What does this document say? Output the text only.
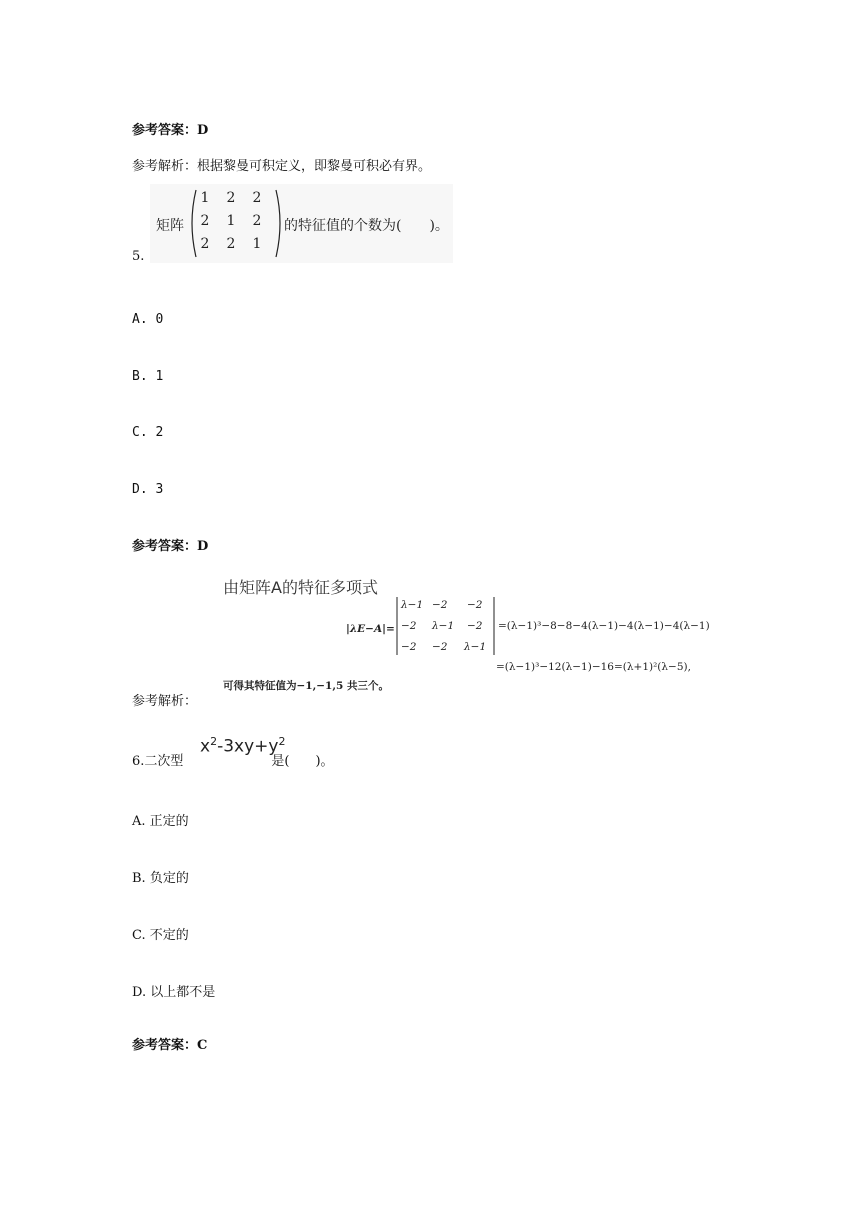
参考答案：D
参考解析：根据黎曼可积定义，即黎曼可积必有界。
5.
矩阵
1 2 2
2 1 2
2 2 1
的特征值的个数为(　　)。
A. 0
B. 1
C. 2
D. 3
参考答案：D
参考解析：
由矩阵A的特征多项式
|λE−A|=
λ−1 −2 −2
−2 λ−1 −2
−2 −2 λ−1
=(λ−1)³−8−8−4(λ−1)−4(λ−1)−4(λ−1)
=(λ−1)³−12(λ−1)−16=(λ+1)²(λ−5),
可得其特征值为−1,−1,5 共三个。
6.二次型	是(　　)。
$x^2-3xy+y^2$
A. 正定的
B. 负定的
C. 不定的
D. 以上都不是
参考答案：C
